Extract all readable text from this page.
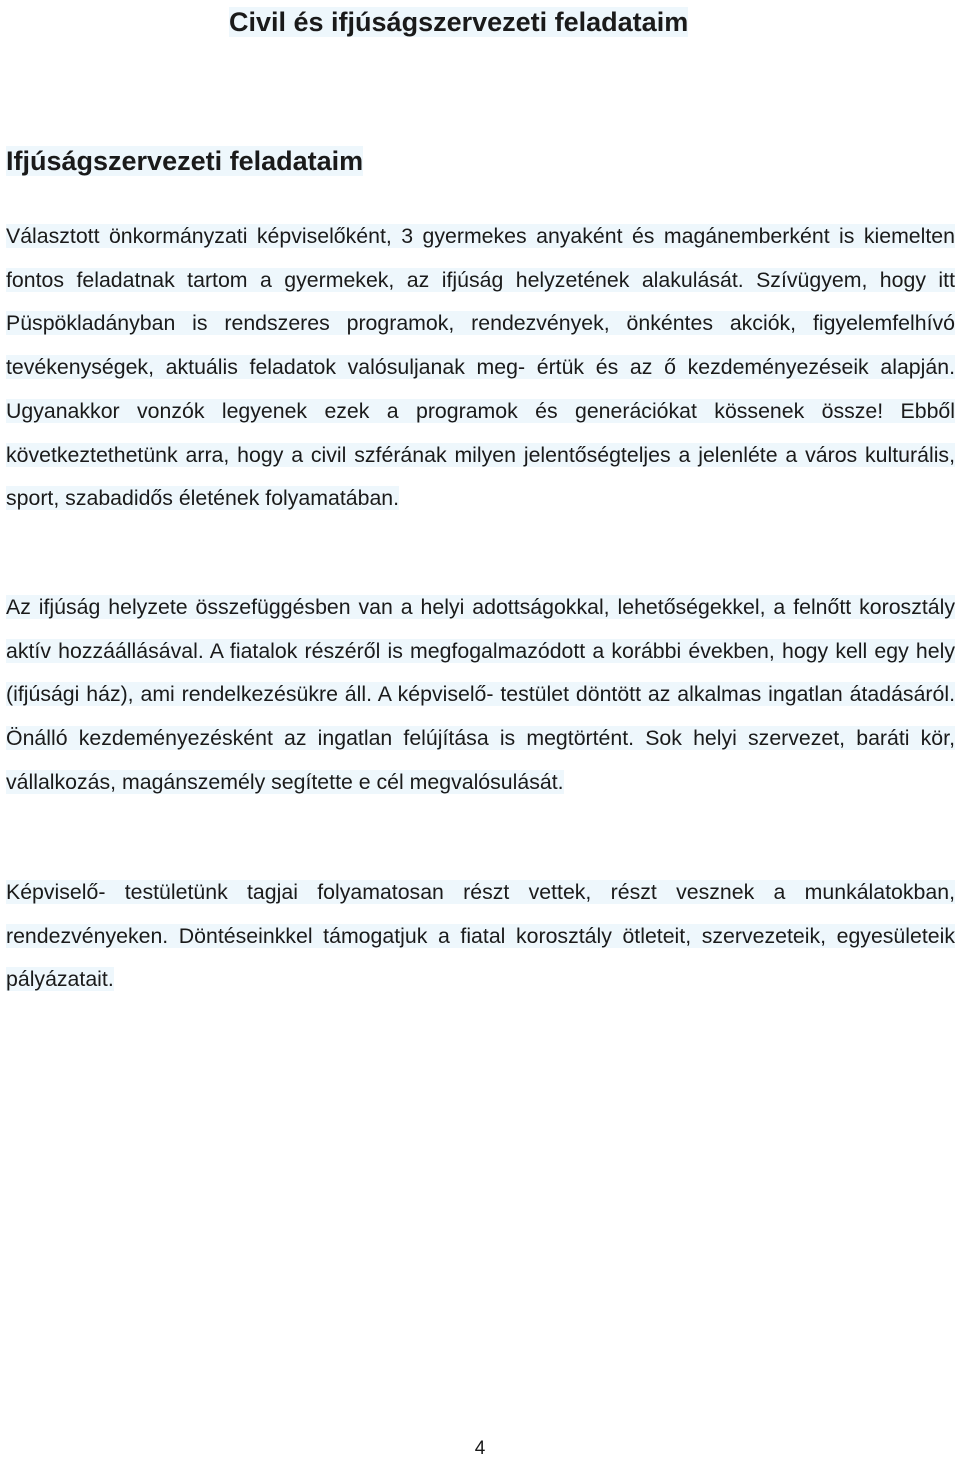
Civil és ifjúságszervezeti feladataim
Ifjúságszervezeti feladataim

Választott önkormányzati képviselőként, 3 gyermekes anyaként és magánemberként is kiemelten fontos feladatnak tartom a gyermekek, az ifjúság helyzetének alakulását. Szívügyem, hogy itt Püspökladányban is rendszeres programok, rendezvények, önkéntes akciók, figyelemfelhívó tevékenységek, aktuális feladatok valósuljanak meg- értük és az ő kezdeményezéseik alapján. Ugyanakkor vonzók legyenek ezek a programok és generációkat kössenek össze! Ebből következtethetünk arra, hogy a civil szférának milyen jelentőségteljes a jelenléte a város kulturális, sport, szabadidős életének folyamatában.

Az ifjúság helyzete összefüggésben van a helyi adottságokkal, lehetőségekkel, a felnőtt korosztály aktív hozzáállásával. A fiatalok részéről is megfogalmazódott a korábbi években, hogy kell egy hely (ifjúsági ház), ami rendelkezésükre áll. A képviselő- testület döntött az alkalmas ingatlan átadásáról. Önálló kezdeményezésként az ingatlan felújítása is megtörtént. Sok helyi szervezet, baráti kör, vállalkozás, magánszemély segítette e cél megvalósulását.

Képviselő- testületünk tagjai folyamatosan részt vettek, részt vesznek a munkálatokban, rendezvényeken. Döntéseinkkel támogatjuk a fiatal korosztály ötleteit, szervezeteik, egyesületeik pályázatait.

4
